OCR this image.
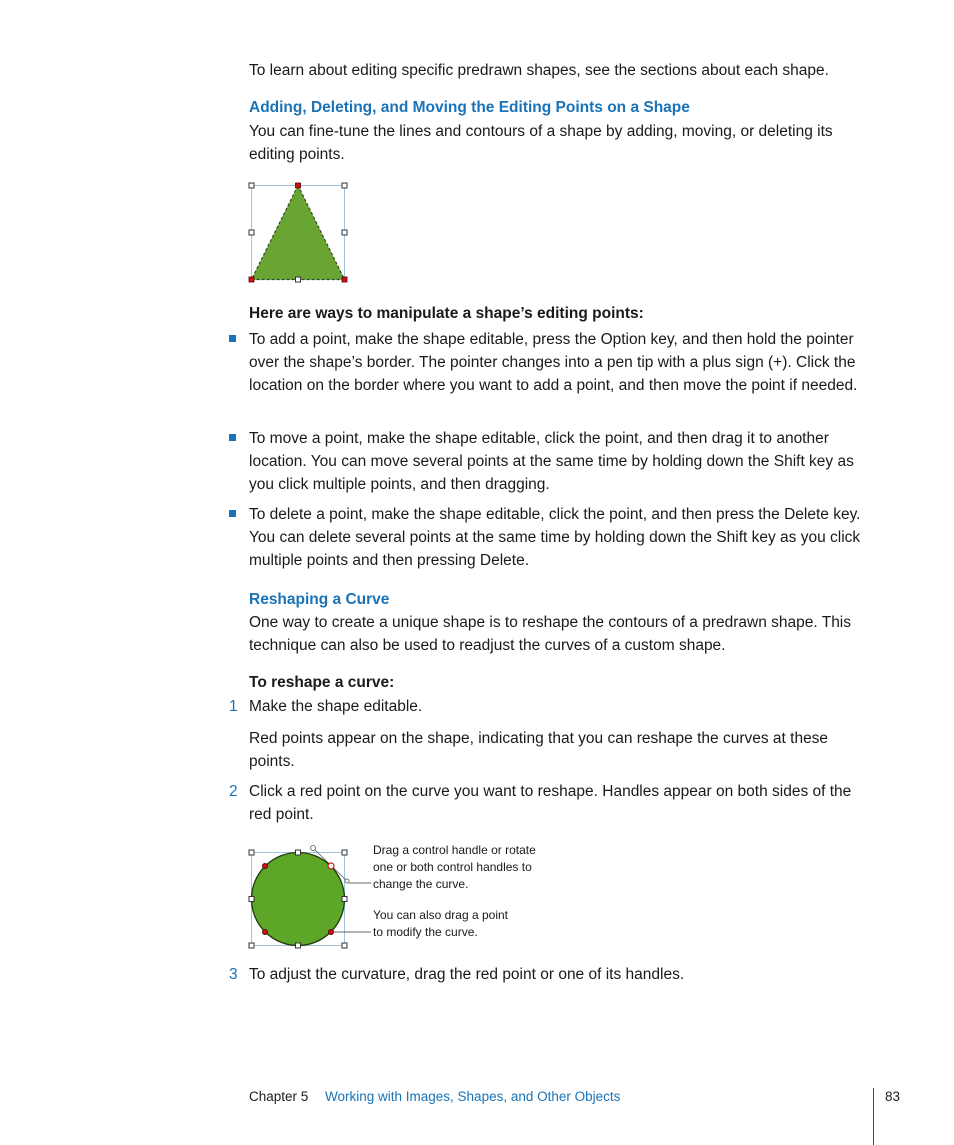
To learn about editing specific predrawn shapes, see the sections about each shape.

Adding, Deleting, and Moving the Editing Points on a Shape

You can fine-tune the lines and contours of a shape by adding, moving, or deleting its editing points.

Here are ways to manipulate a shape’s editing points:

To add a point, make the shape editable, press the Option key, and then hold the pointer over the shape’s border. The pointer changes into a pen tip with a plus sign (+). Click the location on the border where you want to add a point, and then move the point if needed.

To move a point, make the shape editable, click the point, and then drag it to another location. You can move several points at the same time by holding down the Shift key as you click multiple points, and then dragging.

To delete a point, make the shape editable, click the point, and then press the Delete key. You can delete several points at the same time by holding down the Shift key as you click multiple points and then pressing Delete.

Reshaping a Curve

One way to create a unique shape is to reshape the contours of a predrawn shape. This technique can also be used to readjust the curves of a custom shape.

To reshape a curve:

1 Make the shape editable.

Red points appear on the shape, indicating that you can reshape the curves at these points.

2 Click a red point on the curve you want to reshape. Handles appear on both sides of the red point.

Drag a control handle or rotate one or both control handles to change the curve.
You can also drag a point to modify the curve.
3 To adjust the curvature, drag the red point or one of its handles.

Chapter 5 Working with Images, Shapes, and Other Objects	83
